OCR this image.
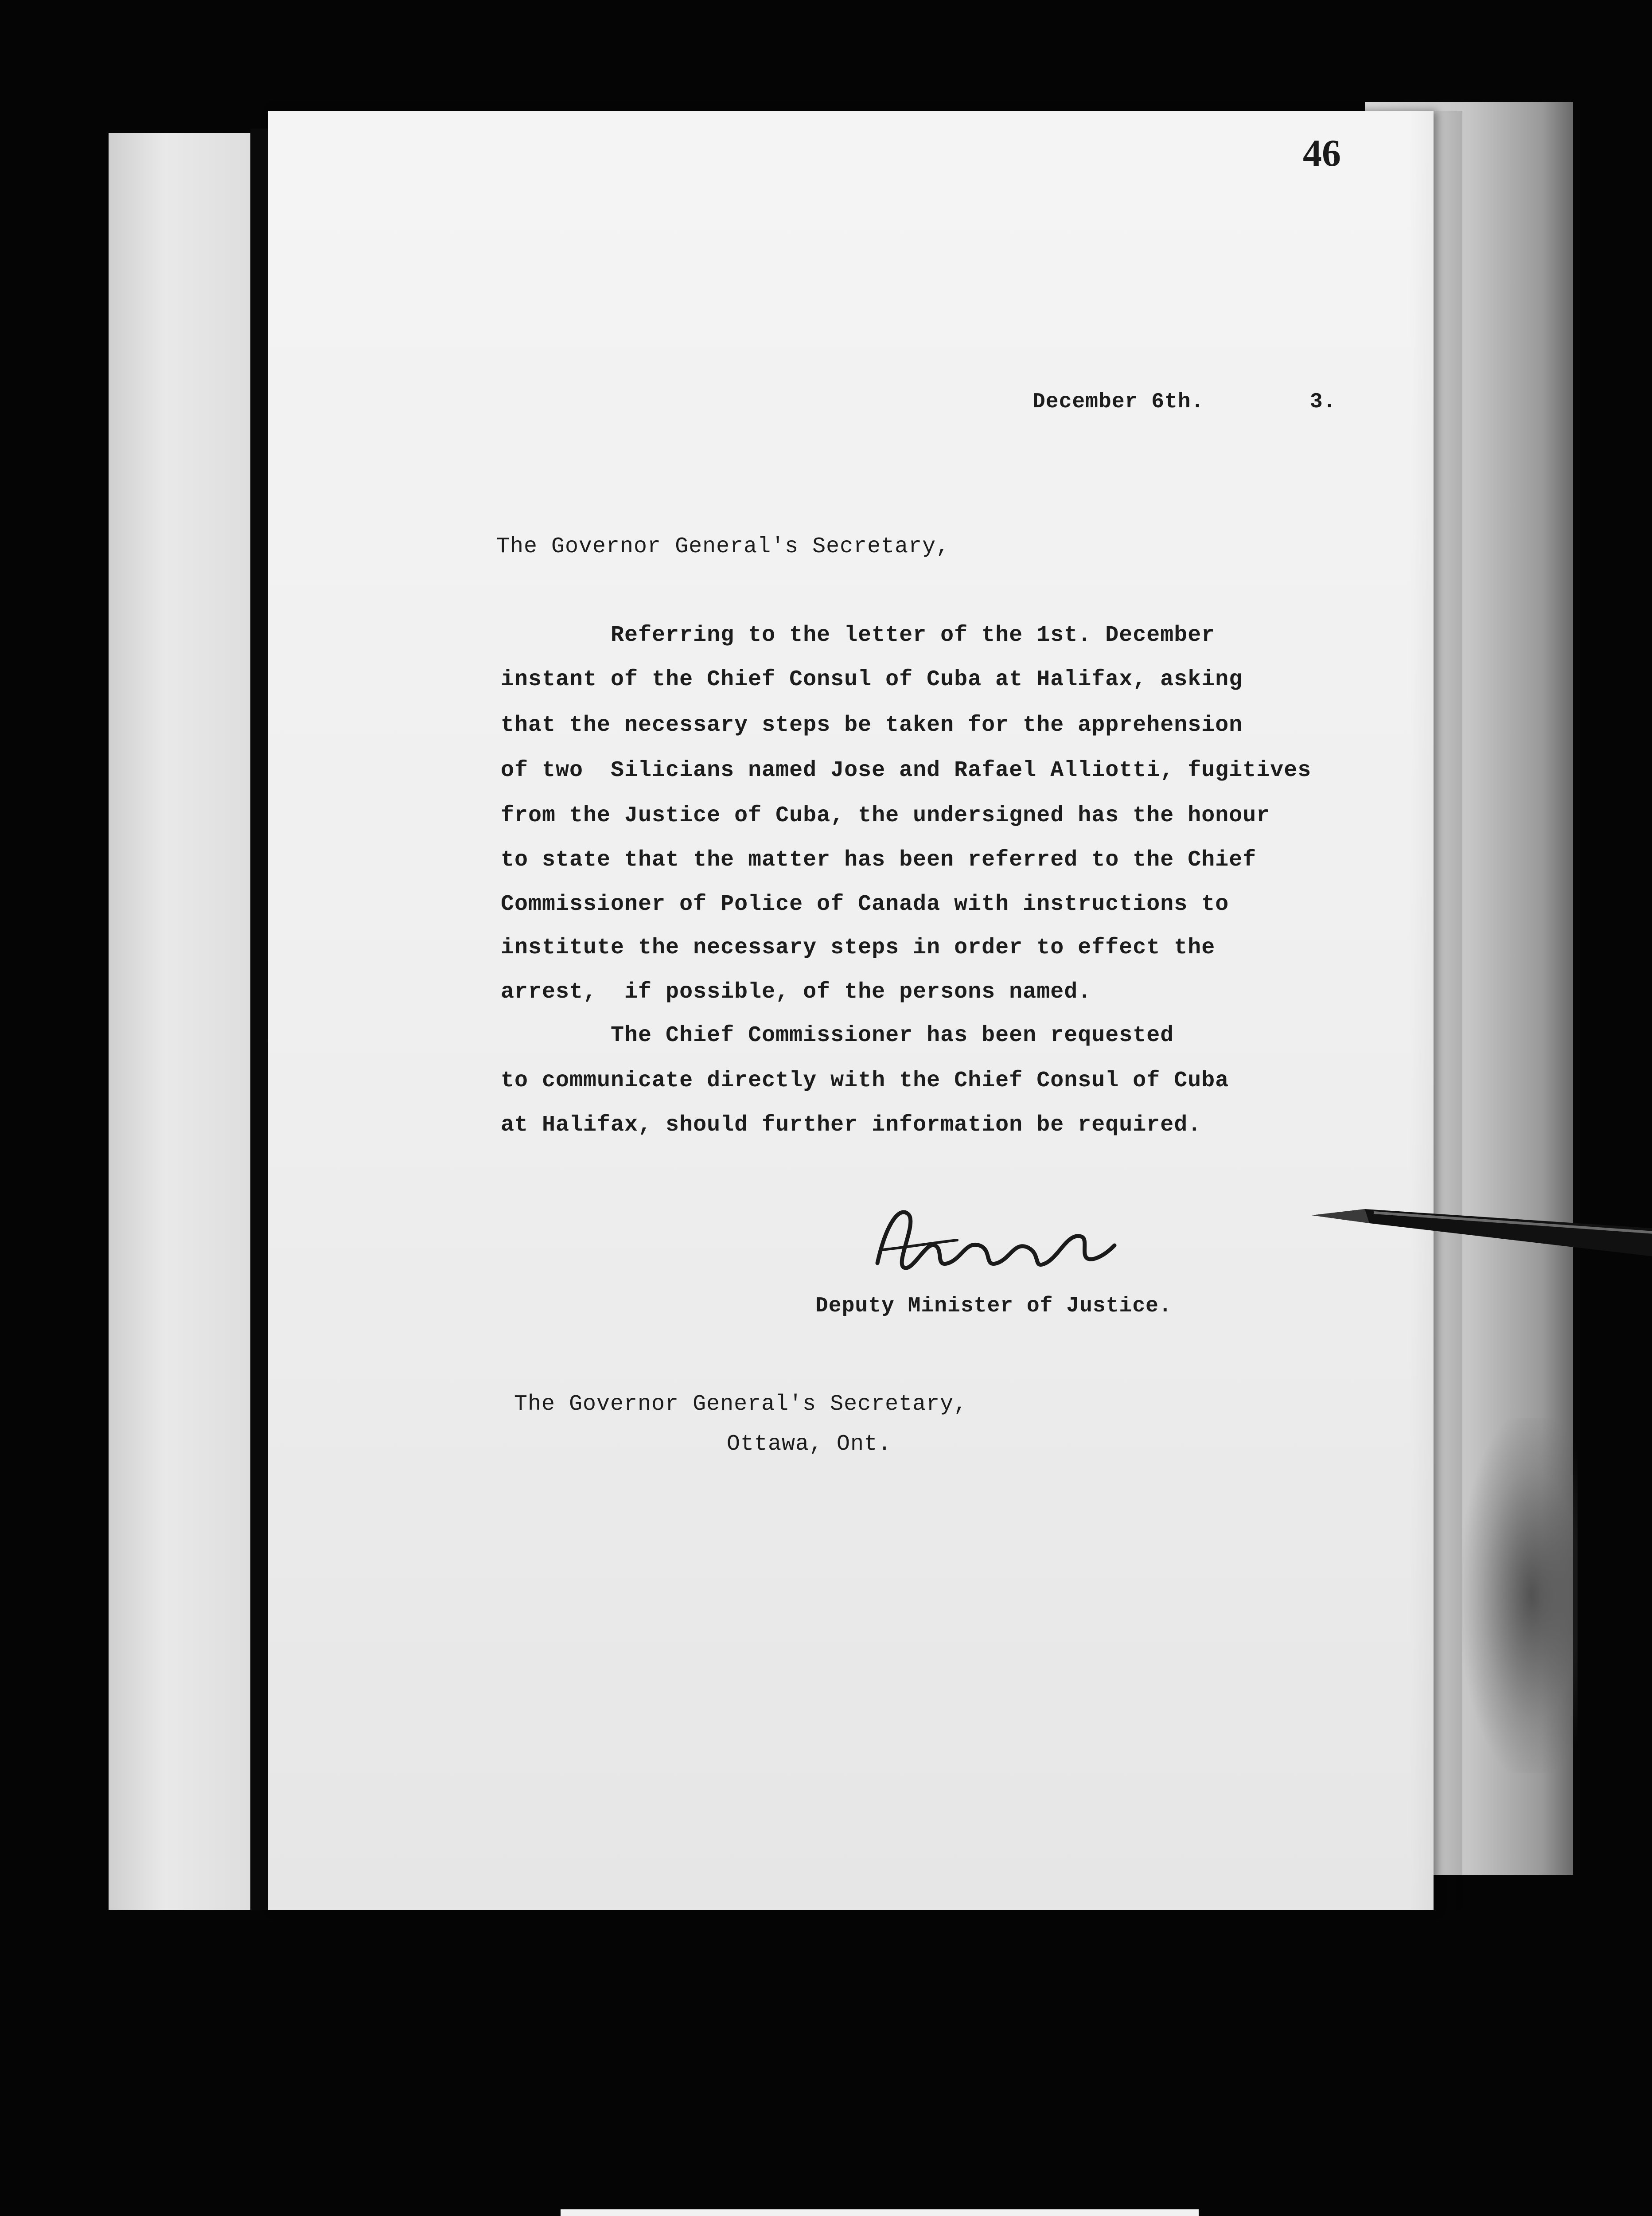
46
December 6th.        3.
The Governor General's Secretary,
Referring to the letter of the 1st. December
instant of the Chief Consul of Cuba at Halifax, asking
that the necessary steps be taken for the apprehension
of two  Silicians named Jose and Rafael Alliotti, fugitives
from the Justice of Cuba, the undersigned has the honour
to state that the matter has been referred to the Chief
Commissioner of Police of Canada with instructions to
institute the necessary steps in order to effect the
arrest,  if possible, of the persons named.
The Chief Commissioner has been requested
to communicate directly with the Chief Consul of Cuba
at Halifax, should further information be required.
Deputy Minister of Justice.
The Governor General's Secretary,
Ottawa, Ont.
